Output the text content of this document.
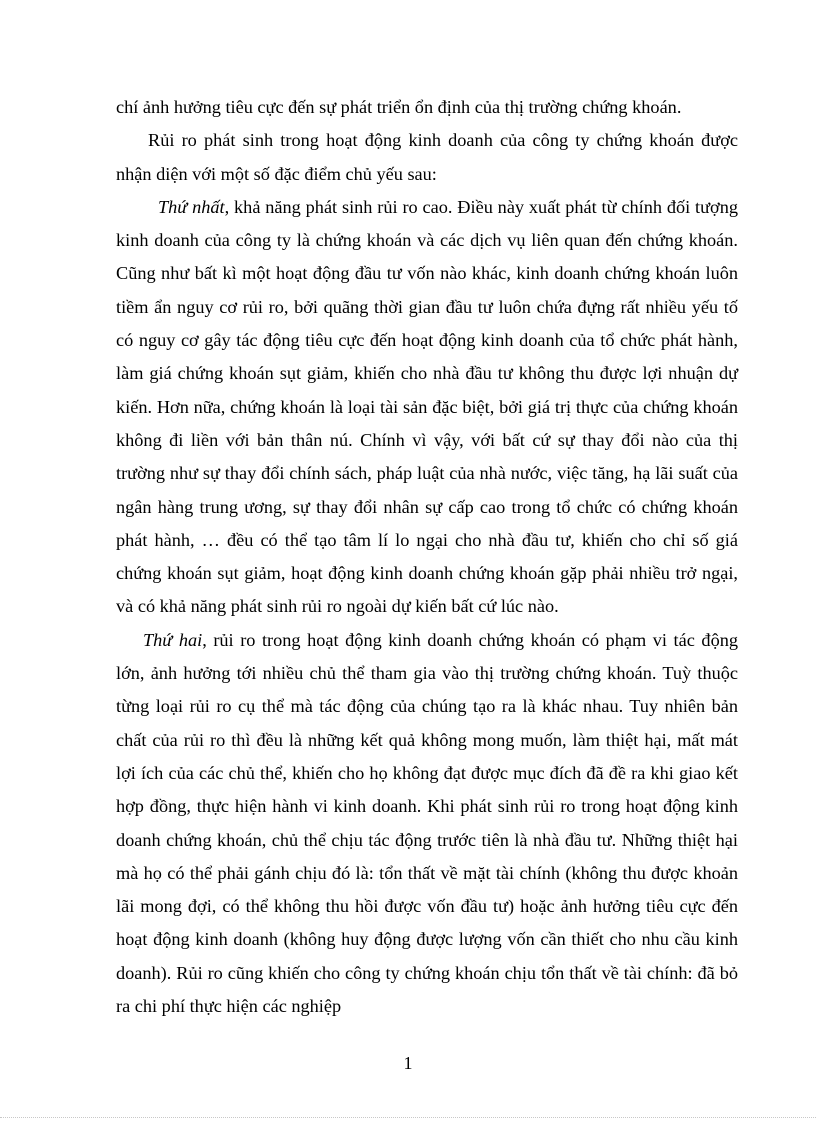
chí ảnh hưởng tiêu cực đến sự phát triển ổn định của thị trường chứng khoán.

Rủi ro phát sinh trong hoạt động kinh doanh của công ty chứng khoán được nhận diện với một số đặc điểm chủ yếu sau:

Thứ nhất, khả năng phát sinh rủi ro cao. Điều này xuất phát từ chính đối tượng kinh doanh của công ty là chứng khoán và các dịch vụ liên quan đến chứng khoán. Cũng như bất kì một hoạt động đầu tư vốn nào khác, kinh doanh chứng khoán luôn tiềm ẩn nguy cơ rủi ro, bởi quãng thời gian đầu tư luôn chứa đựng rất nhiều yếu tố có nguy cơ gây tác động tiêu cực đến hoạt động kinh doanh của tổ chức phát hành, làm giá chứng khoán sụt giảm, khiến cho nhà đầu tư không thu được lợi nhuận dự kiến. Hơn nữa, chứng khoán là loại tài sản đặc biệt, bởi giá trị thực của chứng khoán không đi liền với bản thân nú. Chính vì vậy, với bất cứ sự thay đổi nào của thị trường như sự thay đổi chính sách, pháp luật của nhà nước, việc tăng, hạ lãi suất của ngân hàng trung ương, sự thay đổi nhân sự cấp cao trong tổ chức có chứng khoán phát hành, … đều có thể tạo tâm lí lo ngại cho nhà đầu tư, khiến cho chỉ số giá chứng khoán sụt giảm, hoạt động kinh doanh chứng khoán gặp phải nhiều trở ngại, và có khả năng phát sinh rủi ro ngoài dự kiến bất cứ lúc nào.

Thứ hai, rủi ro trong hoạt động kinh doanh chứng khoán có phạm vi tác động lớn, ảnh hưởng tới nhiều chủ thể tham gia vào thị trường chứng khoán. Tuỳ thuộc từng loại rủi ro cụ thể mà tác động của chúng tạo ra là khác nhau. Tuy nhiên bản chất của rủi ro thì đều là những kết quả không mong muốn, làm thiệt hại, mất mát lợi ích của các chủ thể, khiến cho họ không đạt được mục đích đã đề ra khi giao kết hợp đồng, thực hiện hành vi kinh doanh. Khi phát sinh rủi ro trong hoạt động kinh doanh chứng khoán, chủ thể chịu tác động trước tiên là nhà đầu tư. Những thiệt hại mà họ có thể phải gánh chịu đó là: tổn thất về mặt tài chính (không thu được khoản lãi mong đợi, có thể không thu hồi được vốn đầu tư) hoặc ảnh hưởng tiêu cực đến hoạt động kinh doanh (không huy động được lượng vốn cần thiết cho nhu cầu kinh doanh). Rủi ro cũng khiến cho công ty chứng khoán chịu tổn thất về tài chính: đã bỏ ra chi phí thực hiện các nghiệp

1
